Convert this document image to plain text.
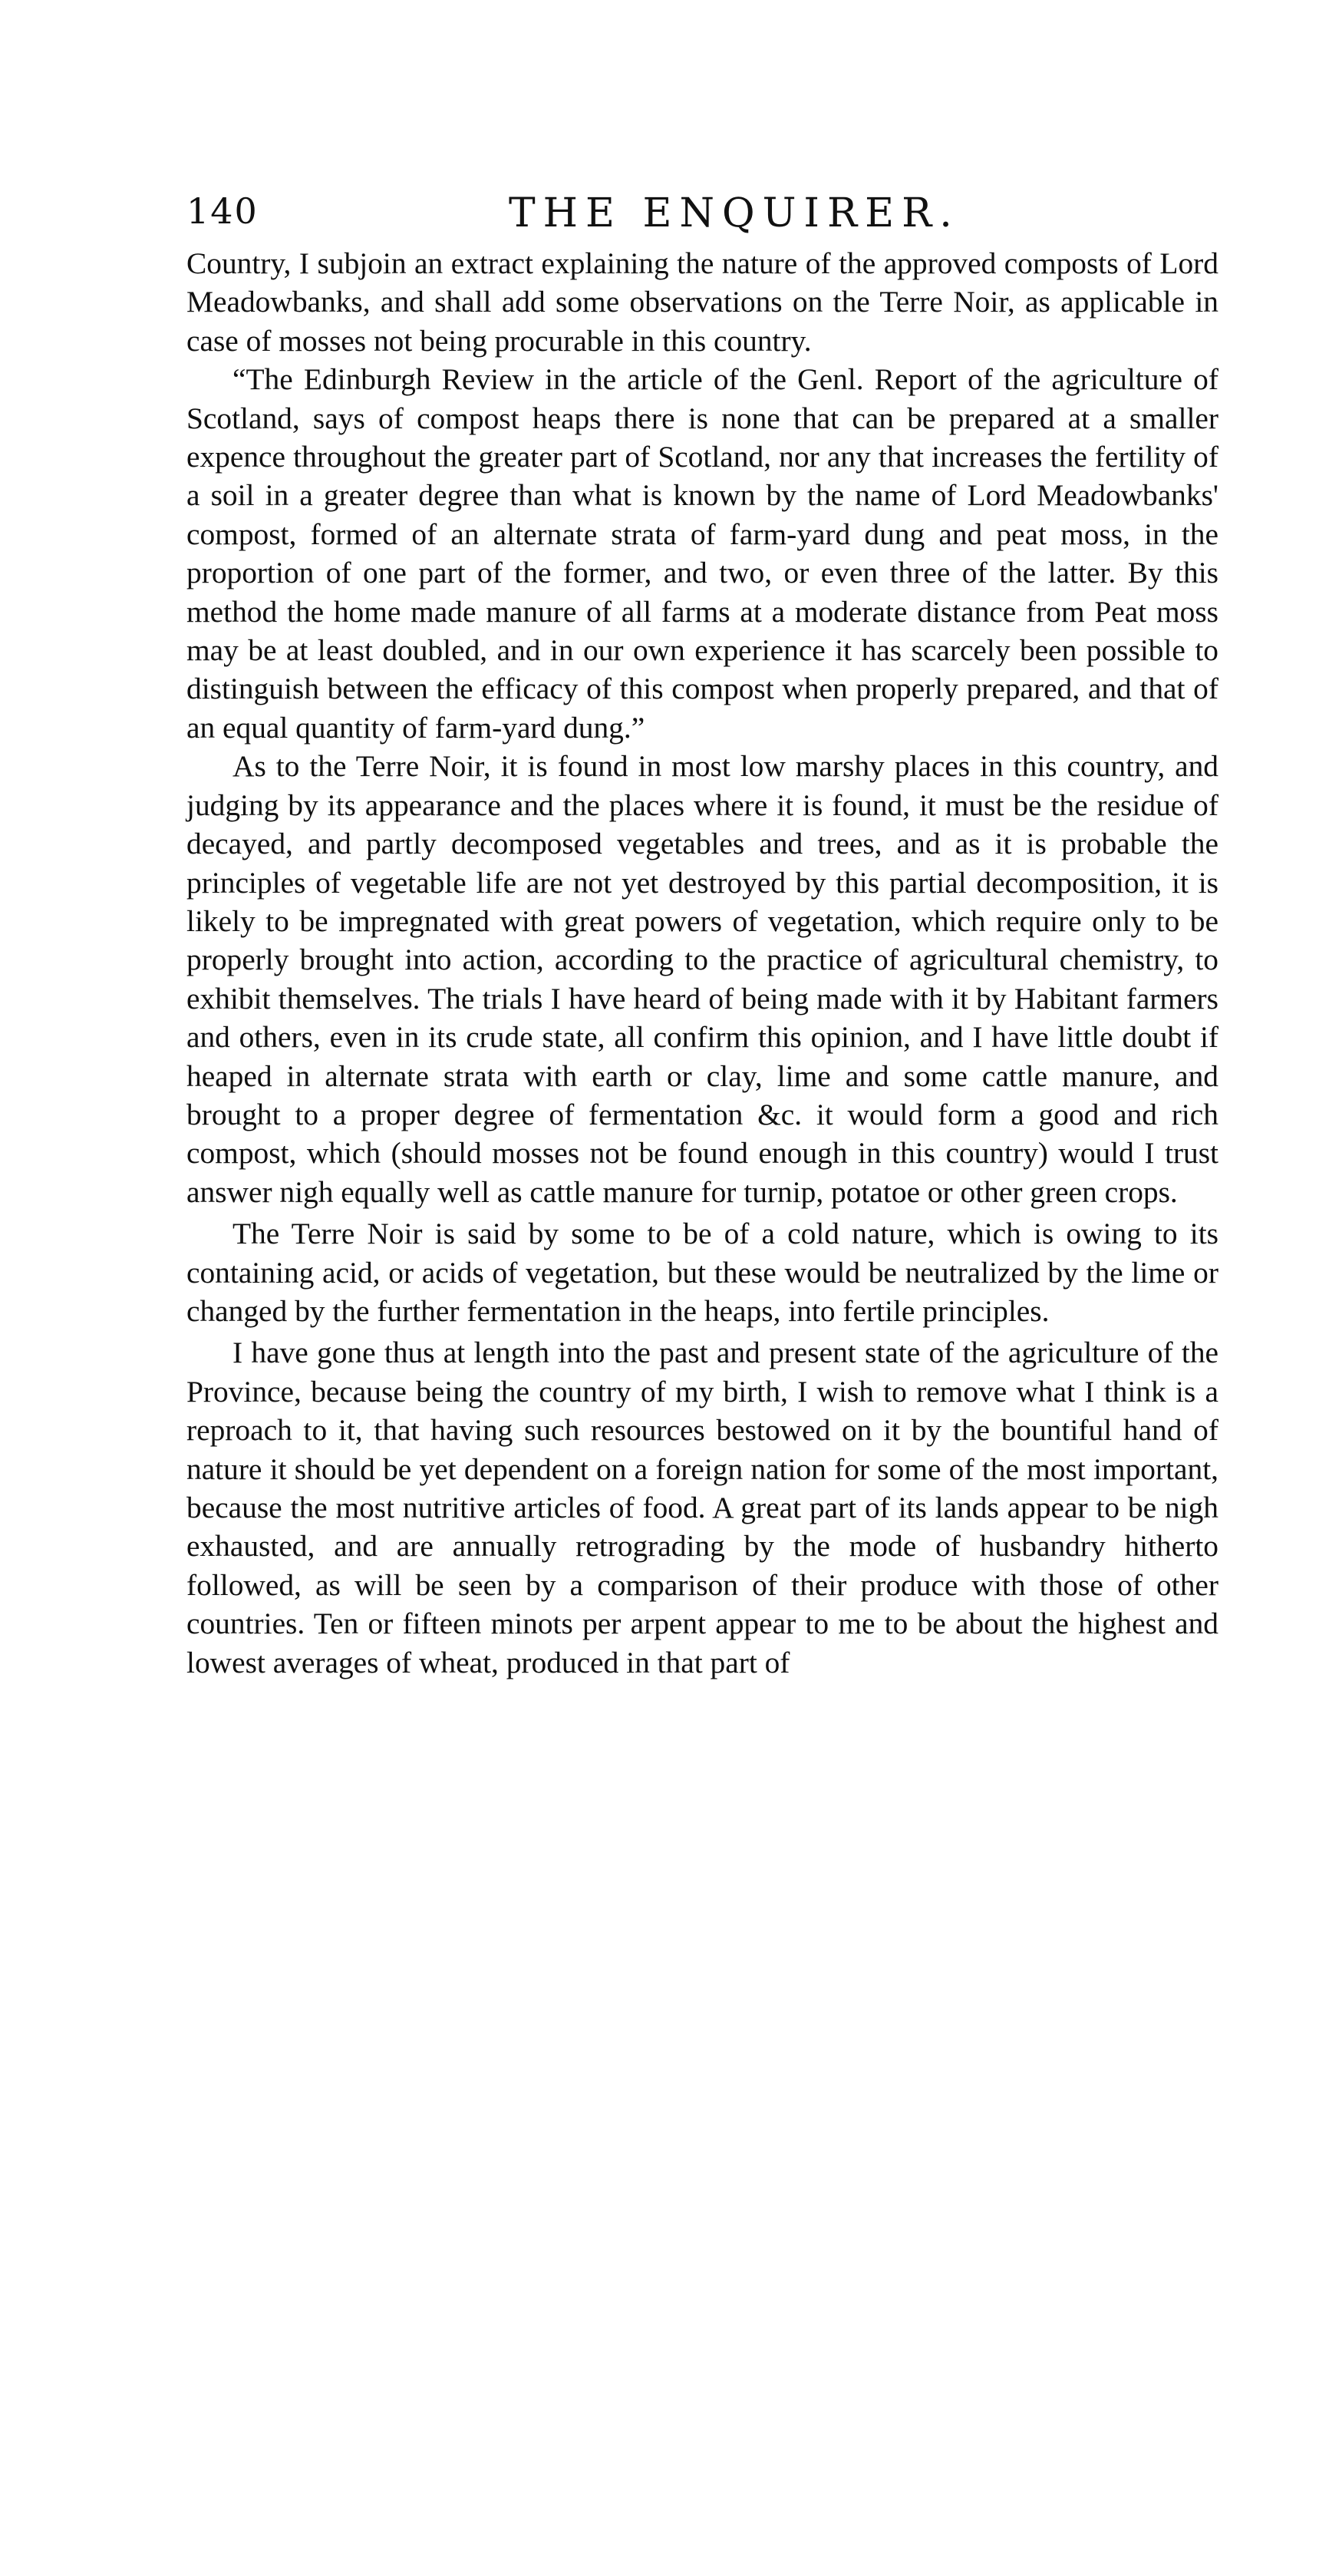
140	THE ENQUIRER.

Country, I subjoin an extract explaining the nature of the approved composts of Lord Meadowbanks, and shall add some observations on the Terre Noir, as applicable in case of mosses not being procurable in this country.

“The Edinburgh Review in the article of the Genl. Report of the agriculture of Scotland, says of compost heaps there is none that can be prepared at a smaller expence throughout the greater part of Scotland, nor any that increases the fertility of a soil in a greater degree than what is known by the name of Lord Meadowbanks' compost, formed of an alternate strata of farm-yard dung and peat moss, in the proportion of one part of the former, and two, or even three of the latter. By this method the home made manure of all farms at a moderate distance from Peat moss may be at least doubled, and in our own experience it has scarcely been possible to distinguish between the efficacy of this compost when properly prepared, and that of an equal quantity of farm-yard dung.”

As to the Terre Noir, it is found in most low marshy places in this country, and judging by its appearance and the places where it is found, it must be the residue of decayed, and partly decomposed vegetables and trees, and as it is probable the principles of vegetable life are not yet destroyed by this partial decomposition, it is likely to be impregnated with great powers of vegetation, which require only to be properly brought into action, according to the practice of agricultural chemistry, to exhibit themselves. The trials I have heard of being made with it by Habitant farmers and others, even in its crude state, all confirm this opinion, and I have little doubt if heaped in alternate strata with earth or clay, lime and some cattle manure, and brought to a proper degree of fermentation &c. it would form a good and rich compost, which (should mosses not be found enough in this country) would I trust answer nigh equally well as cattle manure for turnip, potatoe or other green crops.

The Terre Noir is said by some to be of a cold nature, which is owing to its containing acid, or acids of vegetation, but these would be neutralized by the lime or changed by the further fermentation in the heaps, into fertile principles.

I have gone thus at length into the past and present state of the agriculture of the Province, because being the country of my birth, I wish to remove what I think is a reproach to it, that having such resources bestowed on it by the bountiful hand of nature it should be yet dependent on a foreign nation for some of the most important, because the most nutritive articles of food. A great part of its lands appear to be nigh exhausted, and are annually retrograding by the mode of husbandry hitherto followed, as will be seen by a comparison of their produce with those of other countries. Ten or fifteen minots per arpent appear to me to be about the highest and lowest averages of wheat, produced in that part of
